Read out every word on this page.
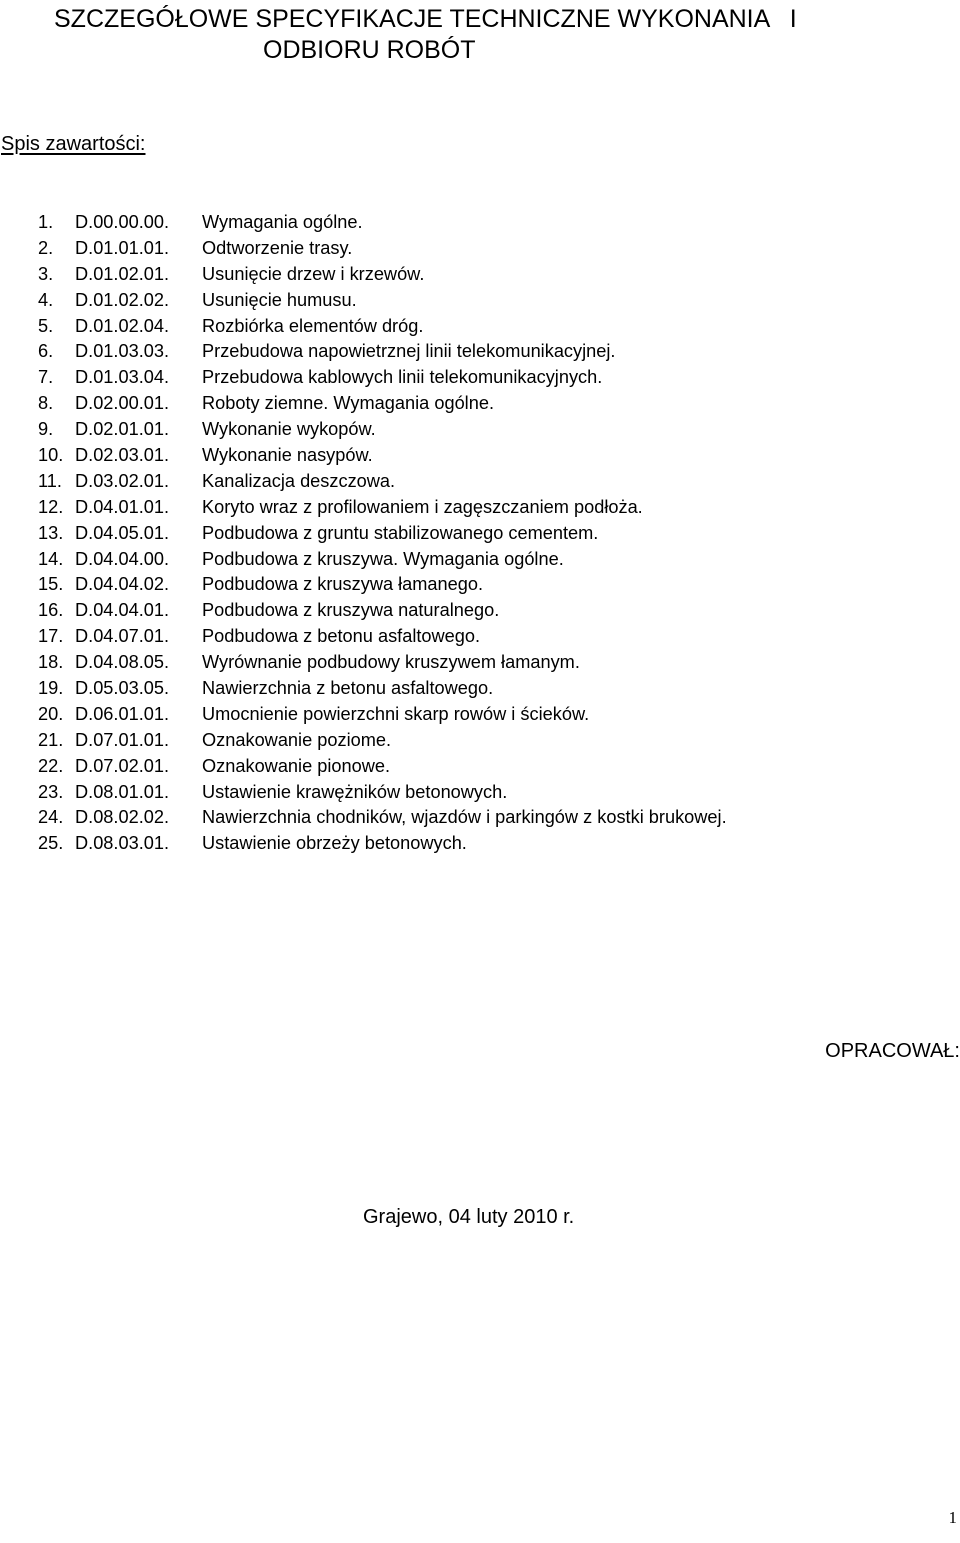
SZCZEGÓŁOWE SPECYFIKACJE TECHNICZNE WYKONANIA   I
ODBIORU ROBÓT
Spis zawartości:
1. D.00.00.00. Wymagania ogólne.
2. D.01.01.01. Odtworzenie trasy.
3. D.01.02.01. Usunięcie drzew i krzewów.
4. D.01.02.02. Usunięcie humusu.
5. D.01.02.04. Rozbiórka elementów dróg.
6. D.01.03.03. Przebudowa napowietrznej linii telekomunikacyjnej.
7. D.01.03.04. Przebudowa kablowych linii telekomunikacyjnych.
8. D.02.00.01. Roboty ziemne. Wymagania ogólne.
9. D.02.01.01. Wykonanie wykopów.
10. D.02.03.01. Wykonanie nasypów.
11. D.03.02.01. Kanalizacja deszczowa.
12. D.04.01.01. Koryto wraz z profilowaniem i zagęszczaniem podłoża.
13. D.04.05.01. Podbudowa z gruntu stabilizowanego cementem.
14. D.04.04.00. Podbudowa z kruszywa. Wymagania ogólne.
15. D.04.04.02. Podbudowa z kruszywa łamanego.
16. D.04.04.01. Podbudowa z kruszywa naturalnego.
17. D.04.07.01. Podbudowa z betonu asfaltowego.
18. D.04.08.05. Wyrównanie podbudowy kruszywem łamanym.
19. D.05.03.05. Nawierzchnia z betonu asfaltowego.
20. D.06.01.01. Umocnienie powierzchni skarp rowów i ścieków.
21. D.07.01.01. Oznakowanie poziome.
22. D.07.02.01. Oznakowanie pionowe.
23. D.08.01.01. Ustawienie krawężników betonowych.
24. D.08.02.02. Nawierzchnia chodników, wjazdów i parkingów z kostki brukowej.
25. D.08.03.01. Ustawienie obrzeży betonowych.
OPRACOWAŁ:
Grajewo, 04 luty 2010 r.
1
